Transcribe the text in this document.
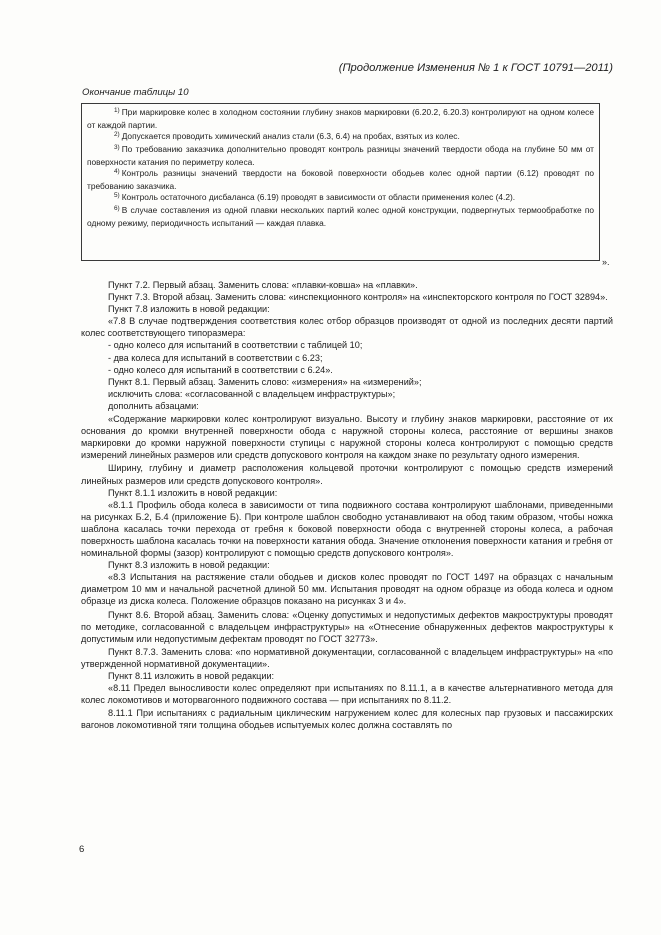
(Продолжение Изменения № 1 к ГОСТ 10791—2011)
Окончание таблицы 10

$^{1)}$ При маркировке колес в холодном состоянии глубину знаков маркировки (6.20.2, 6.20.3) контролируют на одном колесе от каждой партии.

$^{2)}$ Допускается проводить химический анализ стали (6.3, 6.4) на пробах, взятых из колес.

$^{3)}$ По требованию заказчика дополнительно проводят контроль разницы значений твердости обода на глубине 50 мм от поверхности катания по периметру колеса.

$^{4)}$ Контроль разницы значений твердости на боковой поверхности ободьев колес одной партии (6.12) проводят по требованию заказчика.

$^{5)}$ Контроль остаточного дисбаланса (6.19) проводят в зависимости от области применения колес (4.2).

$^{6)}$ В случае составления из одной плавки нескольких партий колес одной конструкции, подвергнутых термообработке по одному режиму, периодичность испытаний — каждая плавка.

».

Пункт 7.2. Первый абзац. Заменить слова: «плавки-ковша» на «плавки».

Пункт 7.3. Второй абзац. Заменить слова: «инспекционного контроля» на «инспекторского контроля по ГОСТ 32894».

Пункт 7.8 изложить в новой редакции:

«7.8 В случае подтверждения соответствия колес отбор образцов производят от одной из последних десяти партий колес соответствующего типоразмера:

- одно колесо для испытаний в соответствии с таблицей 10;

- два колеса для испытаний в соответствии с 6.23;

- одно колесо для испытаний в соответствии с 6.24».

Пункт 8.1. Первый абзац. Заменить слово: «измерения» на «измерений»;

исключить слова: «согласованной с владельцем инфраструктуры»;

дополнить абзацами:

«Содержание маркировки колес контролируют визуально. Высоту и глубину знаков маркировки, расстояние от их основания до кромки внутренней поверхности обода с наружной стороны колеса, расстояние от вершины знаков маркировки до кромки наружной поверхности ступицы с наружной стороны колеса контролируют с помощью средств измерений линейных размеров или средств допускового контроля на каждом знаке по результату одного измерения.

Ширину, глубину и диаметр расположения кольцевой проточки контролируют с помощью средств измерений линейных размеров или средств допускового контроля».

Пункт 8.1.1 изложить в новой редакции:

«8.1.1 Профиль обода колеса в зависимости от типа подвижного состава контролируют шаблонами, приведенными на рисунках Б.2, Б.4 (приложение Б). При контроле шаблон свободно устанавливают на обод таким образом, чтобы ножка шаблона касалась точки перехода от гребня к боковой поверхности обода с внутренней стороны колеса, а рабочая поверхность шаблона касалась точки на поверхности катания обода. Значение отклонения поверхности катания и гребня от номинальной формы (зазор) контролируют с помощью средств допускового контроля».

Пункт 8.3 изложить в новой редакции:

«8.3 Испытания на растяжение стали ободьев и дисков колес проводят по ГОСТ 1497 на образцах с начальным диаметром 10 мм и начальной расчетной длиной 50 мм. Испытания проводят на одном образце из обода колеса и одном образце из диска колеса. Положение образцов показано на рисунках 3 и 4».

Пункт 8.6. Второй абзац. Заменить слова: «Оценку допустимых и недопустимых дефектов макроструктуры проводят по методике, согласованной с владельцем инфраструктуры» на «Отнесение обнаруженных дефектов макроструктуры к допустимым или недопустимым дефектам проводят по ГОСТ 32773».

Пункт 8.7.3. Заменить слова: «по нормативной документации, согласованной с владельцем инфраструктуры» на «по утвержденной нормативной документации».

Пункт 8.11 изложить в новой редакции:

«8.11 Предел выносливости колес определяют при испытаниях по 8.11.1, а в качестве альтернативного метода для колес локомотивов и моторвагонного подвижного состава — при испытаниях по 8.11.2.

8.11.1 При испытаниях с радиальным циклическим нагружением колес для колесных пар грузовых и пассажирских вагонов локомотивной тяги толщина ободьев испытуемых колес должна составлять по

6
